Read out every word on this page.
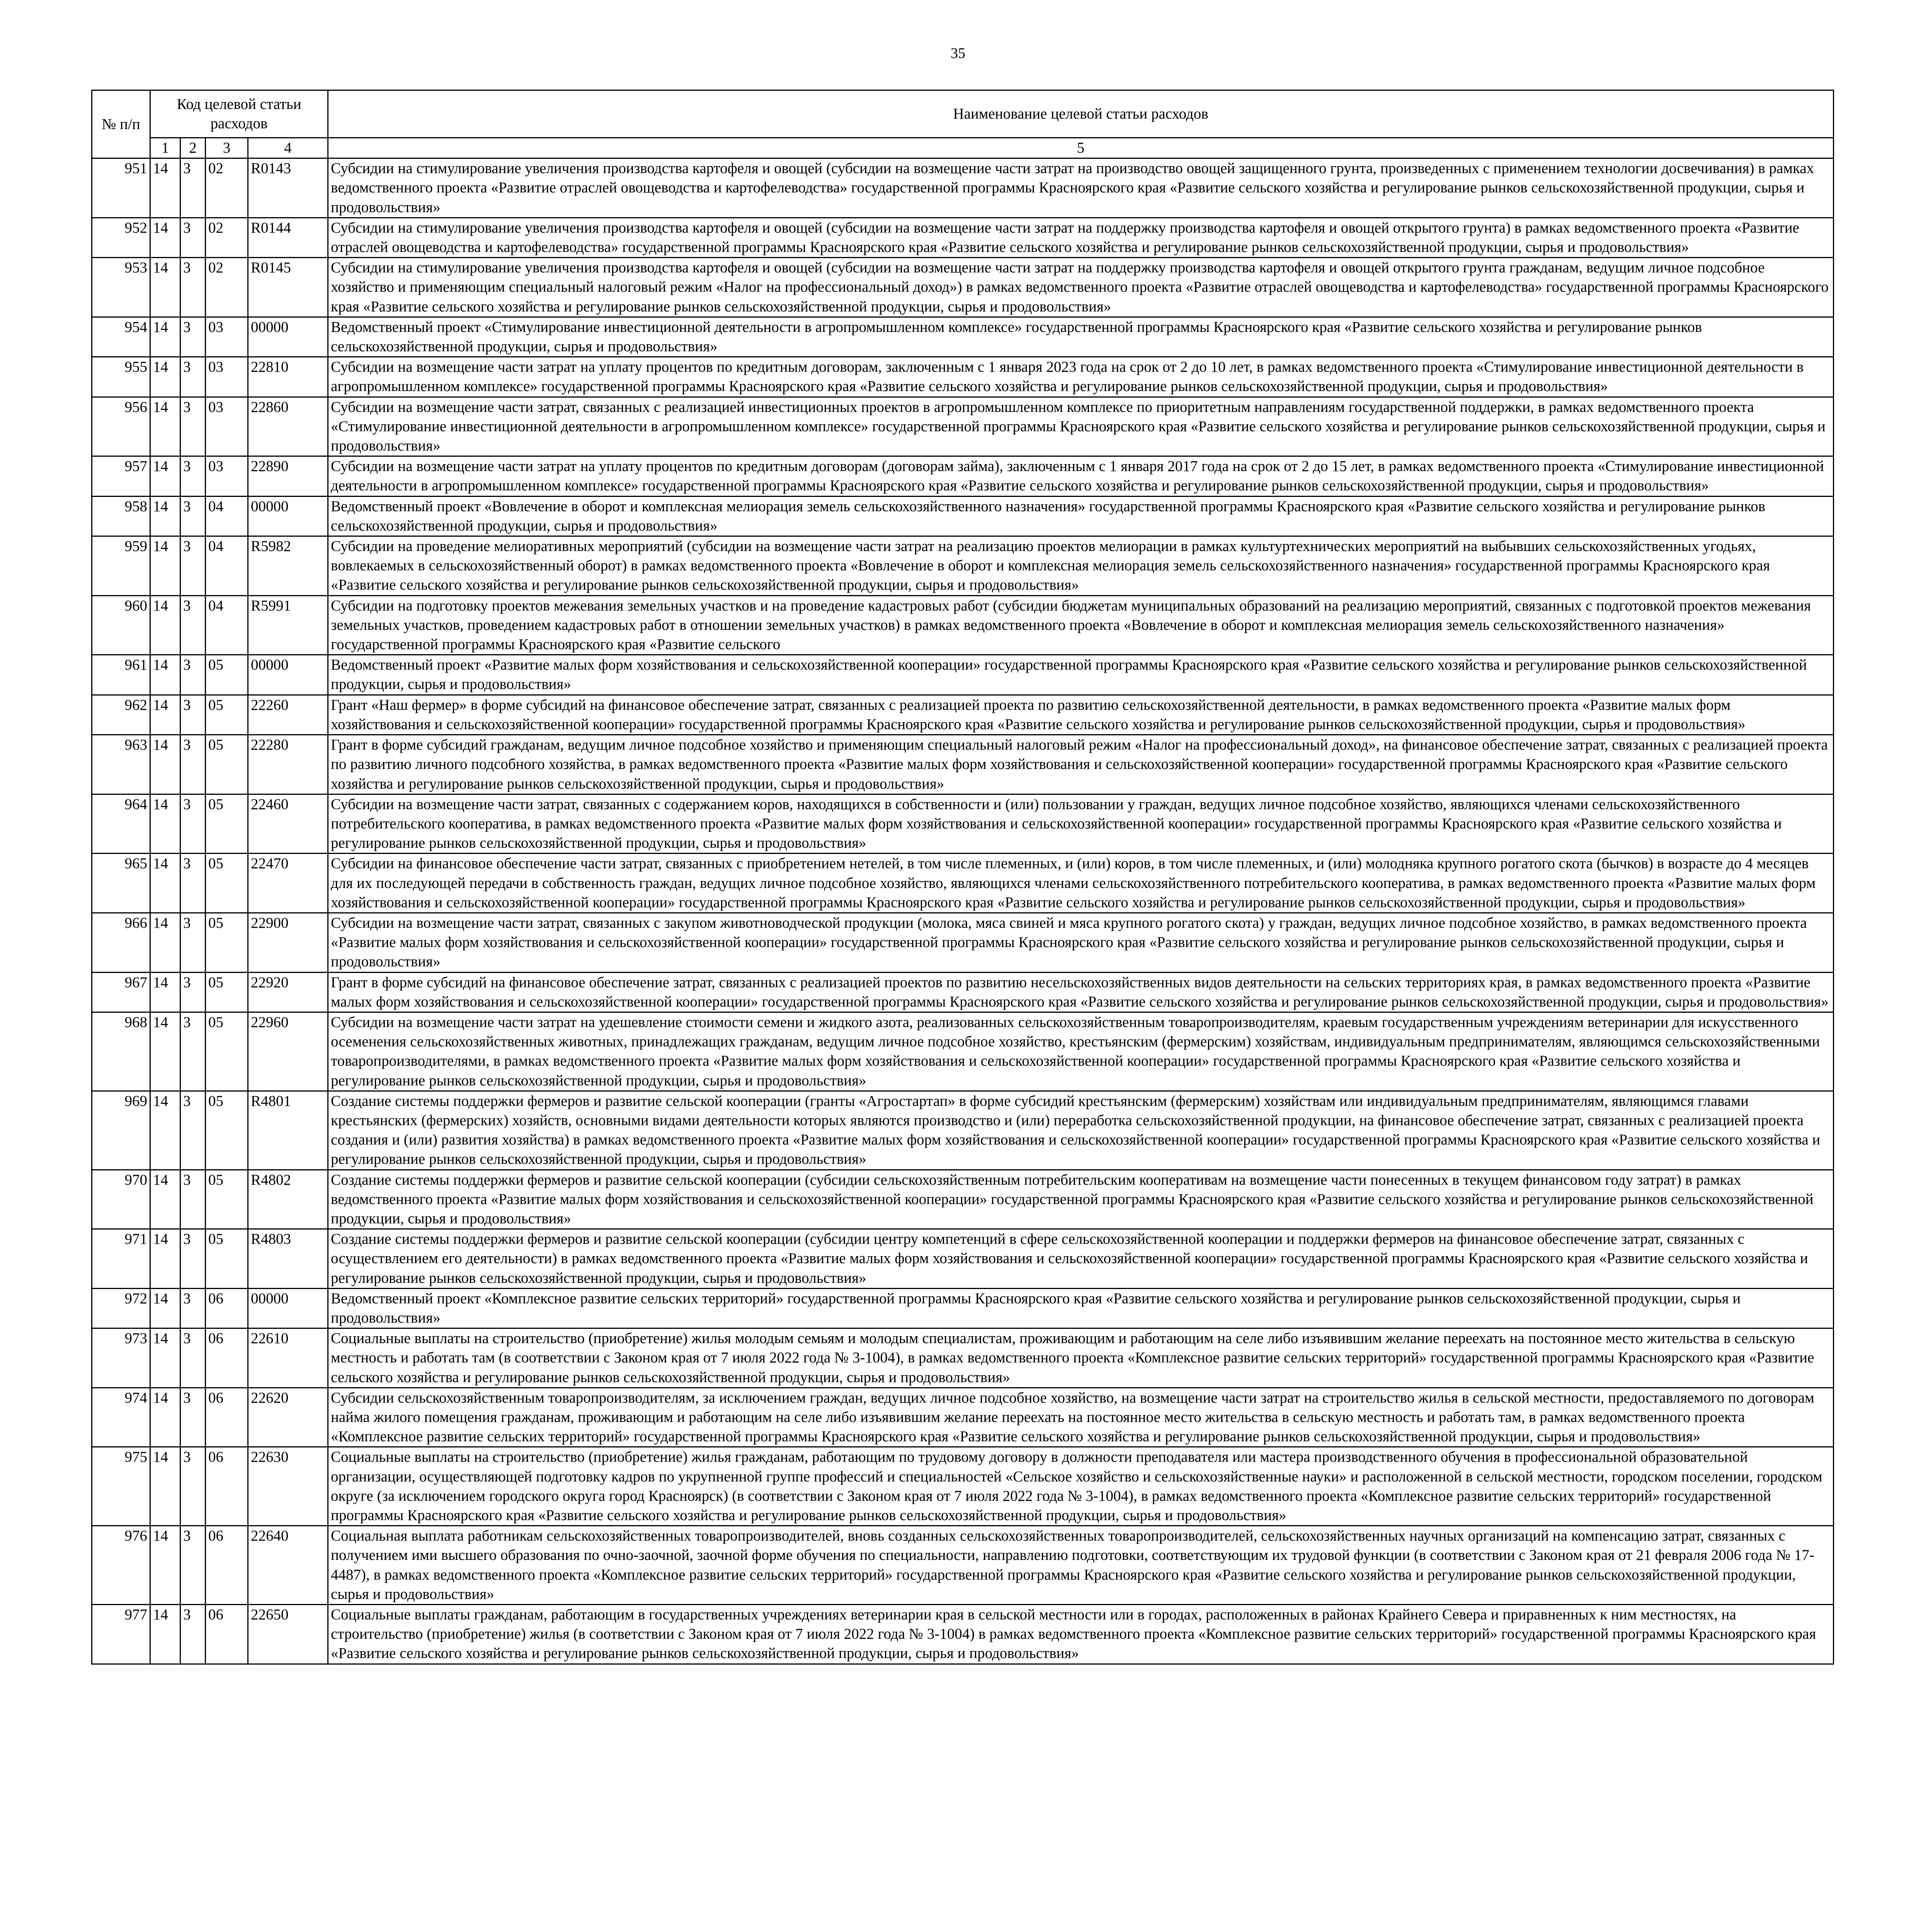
35
№ п/п	Код целевой статьи расходов				Наименование целевой статьи расходов
	1	2	3	4	5
951	14	3	02	R0143	Субсидии на стимулирование увеличения производства картофеля и овощей (субсидии на возмещение части затрат на производство овощей защищенного грунта, произведенных с применением технологии досвечивания) в рамках ведомственного проекта «Развитие отраслей овощеводства и картофелеводства» государственной программы Красноярского края «Развитие сельского хозяйства и регулирование рынков сельскохозяйственной продукции, сырья и продовольствия»
952	14	3	02	R0144	Субсидии на стимулирование увеличения производства картофеля и овощей (субсидии на возмещение части затрат на поддержку производства картофеля и овощей открытого грунта) в рамках ведомственного проекта «Развитие отраслей овощеводства и картофелеводства» государственной программы Красноярского края «Развитие сельского хозяйства и регулирование рынков сельскохозяйственной продукции, сырья и продовольствия»
953	14	3	02	R0145	Субсидии на стимулирование увеличения производства картофеля и овощей (субсидии на возмещение части затрат на поддержку производства картофеля и овощей открытого грунта гражданам, ведущим личное подсобное хозяйство и применяющим специальный налоговый режим «Налог на профессиональный доход») в рамках ведомственного проекта «Развитие отраслей овощеводства и картофелеводства» государственной программы Красноярского края «Развитие сельского хозяйства и регулирование рынков сельскохозяйственной продукции, сырья и продовольствия»
954	14	3	03	00000	Ведомственный проект «Стимулирование инвестиционной деятельности в агропромышленном комплексе» государственной программы Красноярского края «Развитие сельского хозяйства и регулирование рынков сельскохозяйственной продукции, сырья и продовольствия»
955	14	3	03	22810	Субсидии на возмещение части затрат на уплату процентов по кредитным договорам, заключенным с 1 января 2023 года на срок от 2 до 10 лет, в рамках ведомственного проекта «Стимулирование инвестиционной деятельности в агропромышленном комплексе» государственной программы Красноярского края «Развитие сельского хозяйства и регулирование рынков сельскохозяйственной продукции, сырья и продовольствия»
956	14	3	03	22860	Субсидии на возмещение части затрат, связанных с реализацией инвестиционных проектов в агропромышленном комплексе по приоритетным направлениям государственной поддержки, в рамках ведомственного проекта «Стимулирование инвестиционной деятельности в агропромышленном комплексе» государственной программы Красноярского края «Развитие сельского хозяйства и регулирование рынков сельскохозяйственной продукции, сырья и продовольствия»
957	14	3	03	22890	Субсидии на возмещение части затрат на уплату процентов по кредитным договорам (договорам займа), заключенным с 1 января 2017 года на срок от 2 до 15 лет, в рамках ведомственного проекта «Стимулирование инвестиционной деятельности в агропромышленном комплексе» государственной программы Красноярского края «Развитие сельского хозяйства и регулирование рынков сельскохозяйственной продукции, сырья и продовольствия»
958	14	3	04	00000	Ведомственный проект «Вовлечение в оборот и комплексная мелиорация земель сельскохозяйственного назначения» государственной программы Красноярского края «Развитие сельского хозяйства и регулирование рынков сельскохозяйственной продукции, сырья и продовольствия»
959	14	3	04	R5982	Субсидии на проведение мелиоративных мероприятий (субсидии на возмещение части затрат на реализацию проектов мелиорации в рамках культуртехнических мероприятий на выбывших сельскохозяйственных угодьях, вовлекаемых в сельскохозяйственный оборот) в рамках ведомственного проекта «Вовлечение в оборот и комплексная мелиорация земель сельскохозяйственного назначения» государственной программы Красноярского края «Развитие сельского хозяйства и регулирование рынков сельскохозяйственной продукции, сырья и продовольствия»
960	14	3	04	R5991	Субсидии на подготовку проектов межевания земельных участков и на проведение кадастровых работ (субсидии бюджетам муниципальных образований на реализацию мероприятий, связанных с подготовкой проектов межевания земельных участков, проведением кадастровых работ в отношении земельных участков) в рамках ведомственного проекта «Вовлечение в оборот и комплексная мелиорация земель сельскохозяйственного назначения» государственной программы Красноярского края «Развитие сельского
961	14	3	05	00000	Ведомственный проект «Развитие малых форм хозяйствования и сельскохозяйственной кооперации» государственной программы Красноярского края «Развитие сельского хозяйства и регулирование рынков сельскохозяйственной продукции, сырья и продовольствия»
962	14	3	05	22260	Грант «Наш фермер» в форме субсидий на финансовое обеспечение затрат, связанных с реализацией проекта по развитию сельскохозяйственной деятельности, в рамках ведомственного проекта «Развитие малых форм хозяйствования и сельскохозяйственной кооперации» государственной программы Красноярского края «Развитие сельского хозяйства и регулирование рынков сельскохозяйственной продукции, сырья и продовольствия»
963	14	3	05	22280	Грант в форме субсидий гражданам, ведущим личное подсобное хозяйство и применяющим специальный налоговый режим «Налог на профессиональный доход», на финансовое обеспечение затрат, связанных с реализацией проекта по развитию личного подсобного хозяйства, в рамках ведомственного проекта «Развитие малых форм хозяйствования и сельскохозяйственной кооперации» государственной программы Красноярского края «Развитие сельского хозяйства и регулирование рынков сельскохозяйственной продукции, сырья и продовольствия»
964	14	3	05	22460	Субсидии на возмещение части затрат, связанных с содержанием коров, находящихся в собственности и (или) пользовании у граждан, ведущих личное подсобное хозяйство, являющихся членами сельскохозяйственного потребительского кооператива, в рамках ведомственного проекта «Развитие малых форм хозяйствования и сельскохозяйственной кооперации» государственной программы Красноярского края «Развитие сельского хозяйства и регулирование рынков сельскохозяйственной продукции, сырья и продовольствия»
965	14	3	05	22470	Субсидии на финансовое обеспечение части затрат, связанных с приобретением нетелей, в том числе племенных, и (или) коров, в том числе племенных, и (или) молодняка крупного рогатого скота (бычков) в возрасте до 4 месяцев для их последующей передачи в собственность граждан, ведущих личное подсобное хозяйство, являющихся членами сельскохозяйственного потребительского кооператива, в рамках ведомственного проекта «Развитие малых форм хозяйствования и сельскохозяйственной кооперации» государственной программы Красноярского края «Развитие сельского хозяйства и регулирование рынков сельскохозяйственной продукции, сырья и продовольствия»
966	14	3	05	22900	Субсидии на возмещение части затрат, связанных с закупом животноводческой продукции (молока, мяса свиней и мяса крупного рогатого скота) у граждан, ведущих личное подсобное хозяйство, в рамках ведомственного проекта «Развитие малых форм хозяйствования и сельскохозяйственной кооперации» государственной программы Красноярского края «Развитие сельского хозяйства и регулирование рынков сельскохозяйственной продукции, сырья и продовольствия»
967	14	3	05	22920	Грант в форме субсидий на финансовое обеспечение затрат, связанных с реализацией проектов по развитию несельскохозяйственных видов деятельности на сельских территориях края, в рамках ведомственного проекта «Развитие малых форм хозяйствования и сельскохозяйственной кооперации» государственной программы Красноярского края «Развитие сельского хозяйства и регулирование рынков сельскохозяйственной продукции, сырья и продовольствия»
968	14	3	05	22960	Субсидии на возмещение части затрат на удешевление стоимости семени и жидкого азота, реализованных сельскохозяйственным товаропроизводителям, краевым государственным учреждениям ветеринарии для искусственного осеменения сельскохозяйственных животных, принадлежащих гражданам, ведущим личное подсобное хозяйство, крестьянским (фермерским) хозяйствам, индивидуальным предпринимателям, являющимся сельскохозяйственными товаропроизводителями, в рамках ведомственного проекта «Развитие малых форм хозяйствования и сельскохозяйственной кооперации» государственной программы Красноярского края «Развитие сельского хозяйства и регулирование рынков сельскохозяйственной продукции, сырья и продовольствия»
969	14	3	05	R4801	Создание системы поддержки фермеров и развитие сельской кооперации (гранты «Агростартап» в форме субсидий крестьянским (фермерским) хозяйствам или индивидуальным предпринимателям, являющимся главами крестьянских (фермерских) хозяйств, основными видами деятельности которых являются производство и (или) переработка сельскохозяйственной продукции, на финансовое обеспечение затрат, связанных с реализацией проекта создания и (или) развития хозяйства) в рамках ведомственного проекта «Развитие малых форм хозяйствования и сельскохозяйственной кооперации» государственной программы Красноярского края «Развитие сельского хозяйства и регулирование рынков сельскохозяйственной продукции, сырья и продовольствия»
970	14	3	05	R4802	Создание системы поддержки фермеров и развитие сельской кооперации (субсидии сельскохозяйственным потребительским кооперативам на возмещение части понесенных в текущем финансовом году затрат) в рамках ведомственного проекта «Развитие малых форм хозяйствования и сельскохозяйственной кооперации» государственной программы Красноярского края «Развитие сельского хозяйства и регулирование рынков сельскохозяйственной продукции, сырья и продовольствия»
971	14	3	05	R4803	Создание системы поддержки фермеров и развитие сельской кооперации (субсидии центру компетенций в сфере сельскохозяйственной кооперации и поддержки фермеров на финансовое обеспечение затрат, связанных с осуществлением его деятельности) в рамках ведомственного проекта «Развитие малых форм хозяйствования и сельскохозяйственной кооперации» государственной программы Красноярского края «Развитие сельского хозяйства и регулирование рынков сельскохозяйственной продукции, сырья и продовольствия»
972	14	3	06	00000	Ведомственный проект «Комплексное развитие сельских территорий» государственной программы Красноярского края «Развитие сельского хозяйства и регулирование рынков сельскохозяйственной продукции, сырья и продовольствия»
973	14	3	06	22610	Социальные выплаты на строительство (приобретение) жилья молодым семьям и молодым специалистам, проживающим и работающим на селе либо изъявившим желание переехать на постоянное место жительства в сельскую местность и работать там (в соответствии с Законом края от 7 июля 2022 года № 3-1004), в рамках ведомственного проекта «Комплексное развитие сельских территорий» государственной программы Красноярского края «Развитие сельского хозяйства и регулирование рынков сельскохозяйственной продукции, сырья и продовольствия»
974	14	3	06	22620	Субсидии сельскохозяйственным товаропроизводителям, за исключением граждан, ведущих личное подсобное хозяйство, на возмещение части затрат на строительство жилья в сельской местности, предоставляемого по договорам найма жилого помещения гражданам, проживающим и работающим на селе либо изъявившим желание переехать на постоянное место жительства в сельскую местность и работать там, в рамках ведомственного проекта «Комплексное развитие сельских территорий» государственной программы Красноярского края «Развитие сельского хозяйства и регулирование рынков сельскохозяйственной продукции, сырья и продовольствия»
975	14	3	06	22630	Социальные выплаты на строительство (приобретение) жилья гражданам, работающим по трудовому договору в должности преподавателя или мастера производственного обучения в профессиональной образовательной организации, осуществляющей подготовку кадров по укрупненной группе профессий и специальностей «Сельское хозяйство и сельскохозяйственные науки» и расположенной в сельской местности, городском поселении, городском округе (за исключением городского округа город Красноярск) (в соответствии с Законом края от 7 июля 2022 года № 3-1004), в рамках ведомственного проекта «Комплексное развитие сельских территорий» государственной программы Красноярского края «Развитие сельского хозяйства и регулирование рынков сельскохозяйственной продукции, сырья и продовольствия»
976	14	3	06	22640	Социальная выплата работникам сельскохозяйственных товаропроизводителей, вновь созданных сельскохозяйственных товаропроизводителей, сельскохозяйственных научных организаций на компенсацию затрат, связанных с получением ими высшего образования по очно-заочной, заочной форме обучения по специальности, направлению подготовки, соответствующим их трудовой функции (в соответствии с Законом края от 21 февраля 2006 года № 17-4487), в рамках ведомственного проекта «Комплексное развитие сельских территорий» государственной программы Красноярского края «Развитие сельского хозяйства и регулирование рынков сельскохозяйственной продукции, сырья и продовольствия»
977	14	3	06	22650	Социальные выплаты гражданам, работающим в государственных учреждениях ветеринарии края в сельской местности или в городах, расположенных в районах Крайнего Севера и приравненных к ним местностях, на строительство (приобретение) жилья (в соответствии с Законом края от 7 июля 2022 года № 3-1004) в рамках ведомственного проекта «Комплексное развитие сельских территорий» государственной программы Красноярского края «Развитие сельского хозяйства и регулирование рынков сельскохозяйственной продукции, сырья и продовольствия»
